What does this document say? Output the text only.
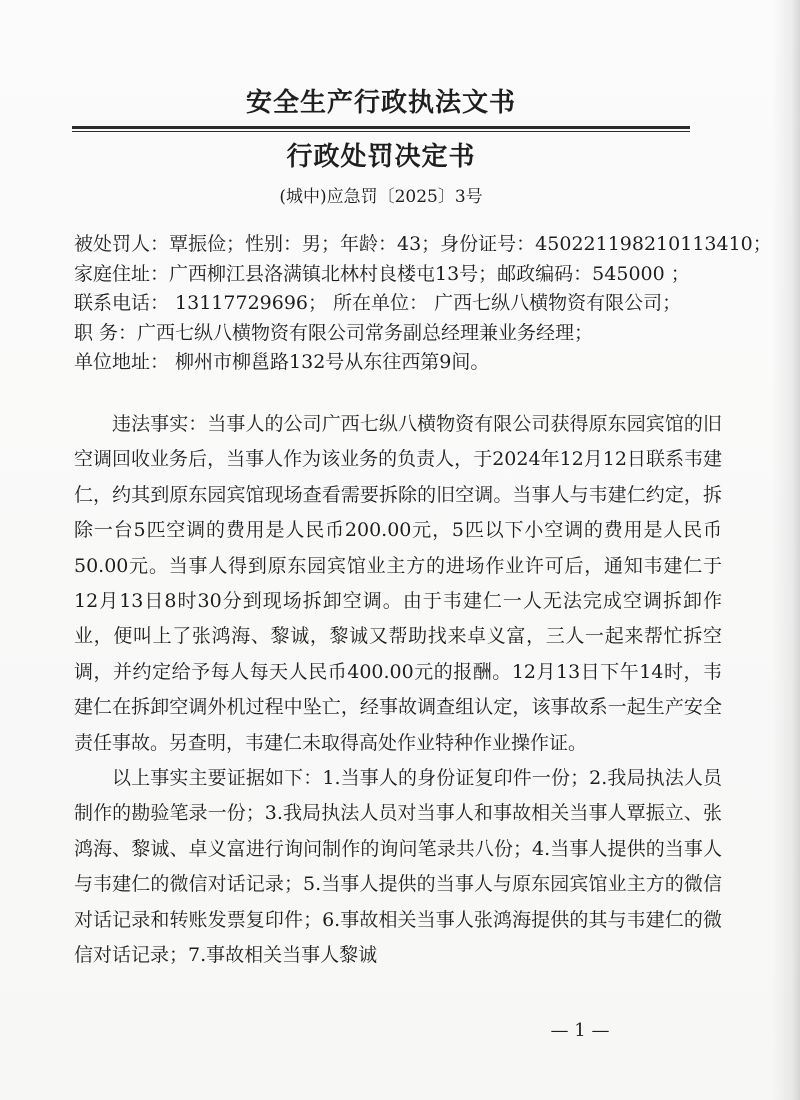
安全生产行政执法文书
行政处罚决定书
(城中)应急罚〔2025〕3号
被处罚人：覃振俭；性别：男；年龄：43；身份证号：450221198210113410；
家庭住址：广西柳江县洛满镇北林村良楼屯13号；邮政编码：545000 ；
联系电话： 13117729696； 所在单位： 广西七纵八横物资有限公司；
职 务：广西七纵八横物资有限公司常务副总经理兼业务经理；
单位地址： 柳州市柳邕路132号从东往西第9间。

违法事实：当事人的公司广西七纵八横物资有限公司获得原东园宾馆的旧空调回收业务后，当事人作为该业务的负责人，于2024年12月12日联系韦建仁，约其到原东园宾馆现场查看需要拆除的旧空调。当事人与韦建仁约定，拆除一台5匹空调的费用是人民币200.00元，5匹以下小空调的费用是人民币50.00元。当事人得到原东园宾馆业主方的进场作业许可后，通知韦建仁于12月13日8时30分到现场拆卸空调。由于韦建仁一人无法完成空调拆卸作业，便叫上了张鸿海、黎诚，黎诚又帮助找来卓义富，三人一起来帮忙拆空调，并约定给予每人每天人民币400.00元的报酬。12月13日下午14时，韦建仁在拆卸空调外机过程中坠亡，经事故调查组认定，该事故系一起生产安全责任事故。另查明，韦建仁未取得高处作业特种作业操作证。

以上事实主要证据如下：1.当事人的身份证复印件一份；2.我局执法人员制作的勘验笔录一份；3.我局执法人员对当事人和事故相关当事人覃振立、张鸿海、黎诚、卓义富进行询问制作的询问笔录共八份；4.当事人提供的当事人与韦建仁的微信对话记录；5.当事人提供的当事人与原东园宾馆业主方的微信对话记录和转账发票复印件；6.事故相关当事人张鸿海提供的其与韦建仁的微信对话记录；7.事故相关当事人黎诚

— 1 —
